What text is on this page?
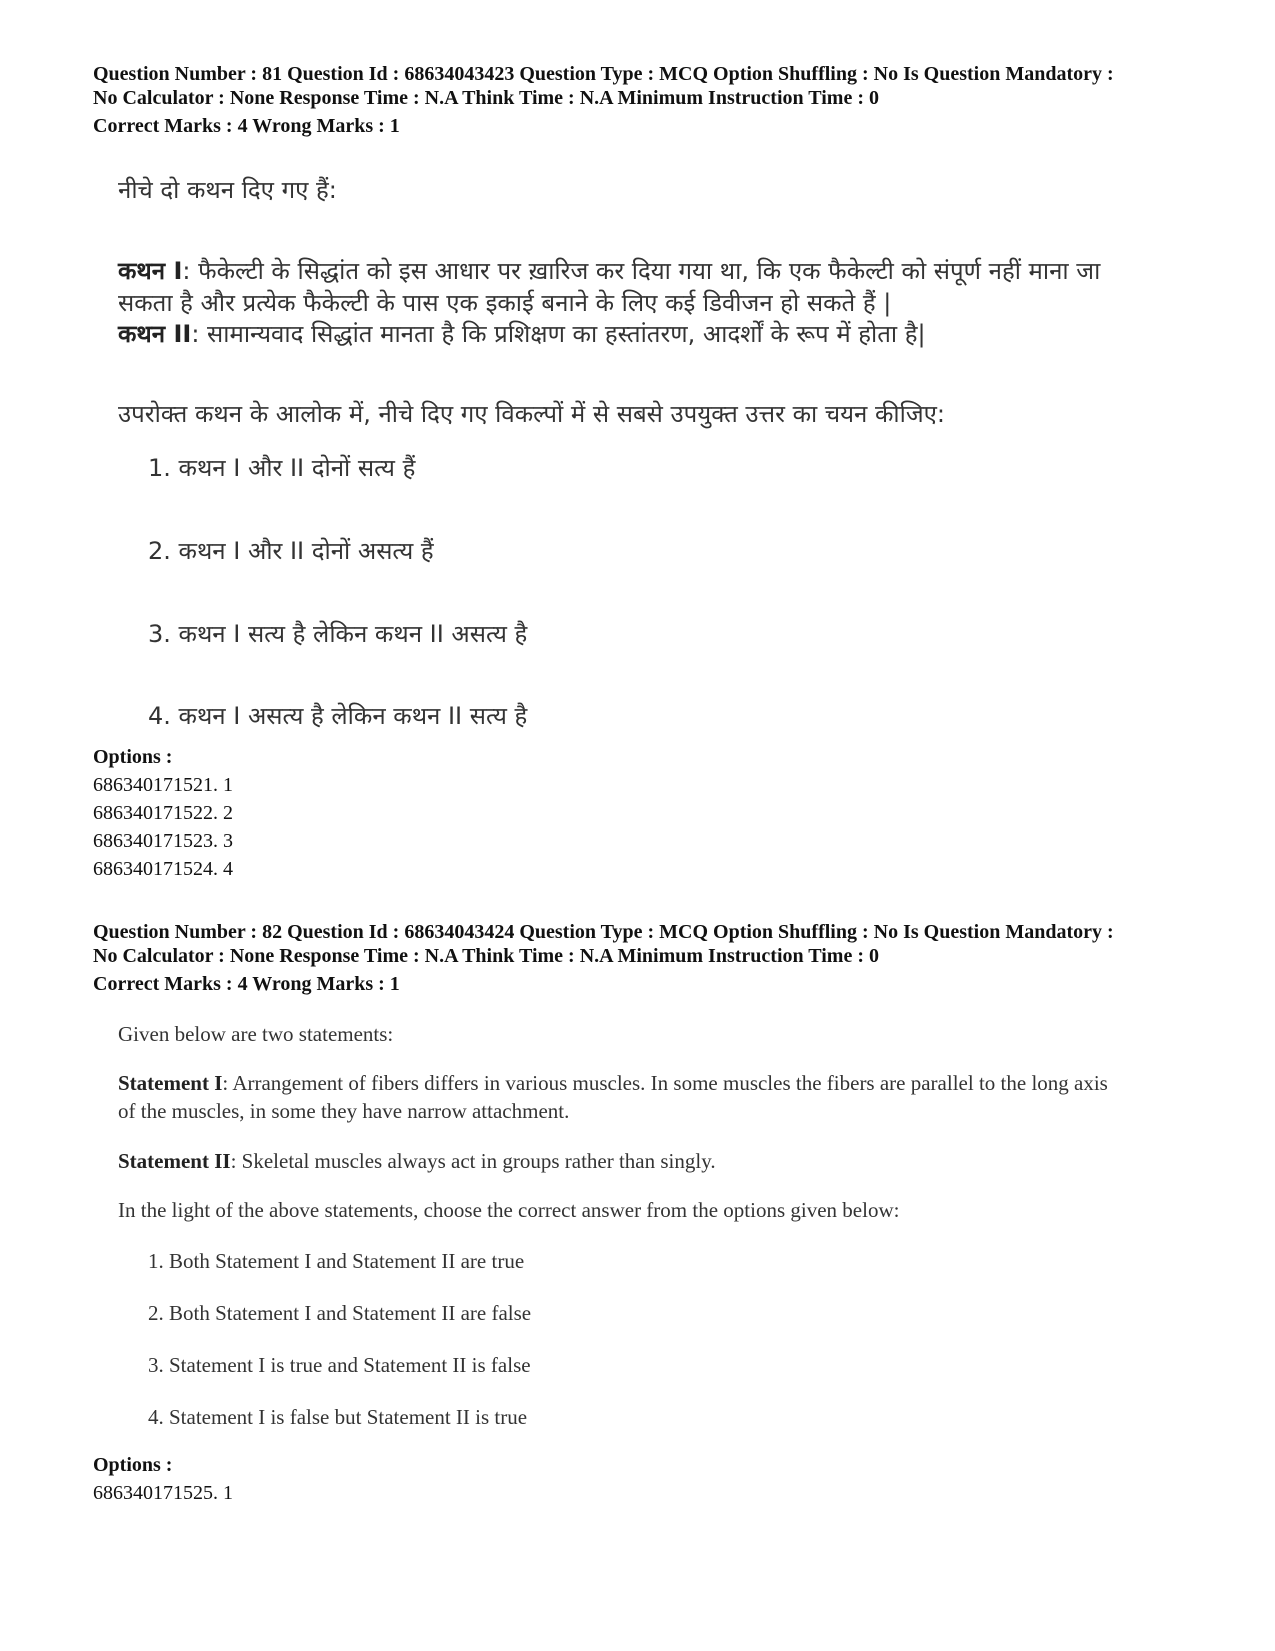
Question Number : 81 Question Id : 68634043423 Question Type : MCQ Option Shuffling : No Is Question Mandatory :
No Calculator : None Response Time : N.A Think Time : N.A Minimum Instruction Time : 0
Correct Marks : 4 Wrong Marks : 1
नीचे दो कथन दिए गए हैं:
कथन I: फैकेल्टी के सिद्धांत को इस आधार पर ख़ारिज कर दिया गया था, कि एक फैकेल्टी को संपूर्ण नहीं माना जा सकता है और प्रत्येक फैकेल्टी के पास एक इकाई बनाने के लिए कई डिवीजन हो सकते हैं |
कथन II: सामान्यवाद सिद्धांत मानता है कि प्रशिक्षण का हस्तांतरण, आदर्शों के रूप में होता है|
उपरोक्त कथन के आलोक में, नीचे दिए गए विकल्पों में से सबसे उपयुक्त उत्तर का चयन कीजिए:
1. कथन I और II दोनों सत्य हैं
2. कथन I और II दोनों असत्य हैं
3. कथन I सत्य है लेकिन कथन II असत्य है
4. कथन I असत्य है लेकिन कथन II सत्य है
Options :
686340171521. 1
686340171522. 2
686340171523. 3
686340171524. 4
Question Number : 82 Question Id : 68634043424 Question Type : MCQ Option Shuffling : No Is Question Mandatory :
No Calculator : None Response Time : N.A Think Time : N.A Minimum Instruction Time : 0
Correct Marks : 4 Wrong Marks : 1
Given below are two statements:
Statement I: Arrangement of fibers differs in various muscles. In some muscles the fibers are parallel to the long axis of the muscles, in some they have narrow attachment.
Statement II: Skeletal muscles always act in groups rather than singly.
In the light of the above statements, choose the correct answer from the options given below:
1. Both Statement I and Statement II are true
2. Both Statement I and Statement II are false
3. Statement I is true and Statement II is false
4. Statement I is false but Statement II is true
Options :
686340171525. 1
